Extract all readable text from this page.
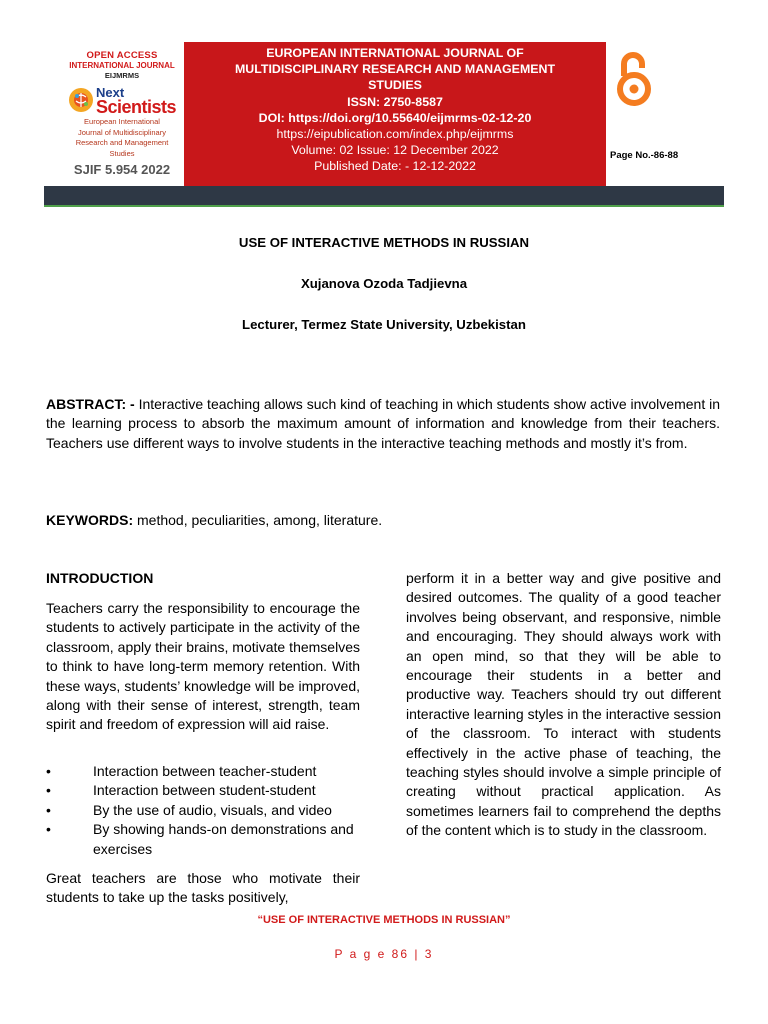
OPEN ACCESS
INTERNATIONAL JOURNAL
EIJMRMS
Next
Scientists
European International
Journal of Multidisciplinary
Research and Management
Studies
SJIF 5.954 2022
EUROPEAN INTERNATIONAL JOURNAL OF
MULTIDISCIPLINARY RESEARCH AND MANAGEMENT
STUDIES
ISSN: 2750-8587
DOI: https://doi.org/10.55640/eijmrms-02-12-20
https://eipublication.com/index.php/eijmrms
Volume: 02 Issue: 12 December 2022
Published Date: - 12-12-2022
Page No.-86-88
USE OF INTERACTIVE METHODS IN RUSSIAN
Xujanova Ozoda Tadjievna
Lecturer, Termez State University, Uzbekistan
ABSTRACT: - Interactive teaching allows such kind of teaching in which students show active involvement in the learning process to absorb the maximum amount of information and knowledge from their teachers. Teachers use different ways to involve students in the interactive teaching methods and mostly it’s from.
KEYWORDS: method, peculiarities, among, literature.
INTRODUCTION
Teachers carry the responsibility to encourage the students to actively participate in the activity of the classroom, apply their brains, motivate themselves to think to have long-term memory retention. With these ways, students’ knowledge will be improved, along with their sense of interest, strength, team spirit and freedom of expression will aid raise.
•	Interaction between teacher-student
•	Interaction between student-student
•	By the use of audio, visuals, and video
•	By showing hands-on demonstrations and exercises
Great teachers are those who motivate their students to take up the tasks positively,
perform it in a better way and give positive and desired outcomes. The quality of a good teacher involves being observant, and responsive, nimble and encouraging. They should always work with an open mind, so that they will be able to encourage their students in a better and productive way. Teachers should try out different interactive learning styles in the interactive session of the classroom. To interact with students effectively in the active phase of teaching, the teaching styles should involve a simple principle of creating without practical application. As sometimes learners fail to comprehend the depths of the content which is to study in the classroom.
“USE OF INTERACTIVE METHODS IN RUSSIAN”
P a g e 86 | 3
